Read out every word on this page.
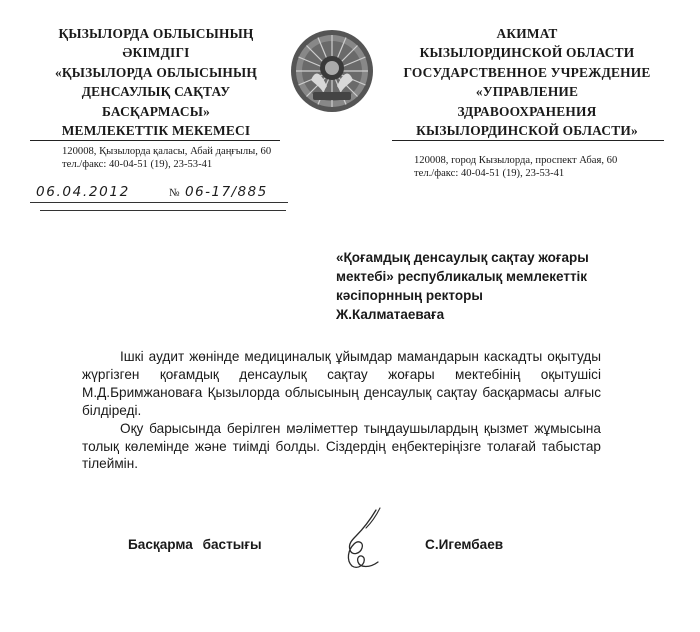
ҚЫЗЫЛОРДА ОБЛЫСЫНЫҢ
ӘКІМДІГІ
«ҚЫЗЫЛОРДА ОБЛЫСЫНЫҢ
ДЕНСАУЛЫҚ САҚТАУ
БАСҚАРМАСЫ»
МЕМЛЕКЕТТІК МЕКЕМЕСІ
АКИМАТ
КЫЗЫЛОРДИНСКОЙ ОБЛАСТИ
ГОСУДАРСТВЕННОЕ УЧРЕЖДЕНИЕ
«УПРАВЛЕНИЕ
ЗДРАВООХРАНЕНИЯ
КЫЗЫЛОРДИНСКОЙ ОБЛАСТИ»
120008, Қызылорда қаласы, Абай даңғылы, 60
тел./факс: 40-04-51 (19), 23-53-41	120008, город Кызылорда, проспект Абая, 60
тел./факс: 40-04-51 (19), 23-53-41
06.04.2012	№ 06-17/885
«Қоғамдық денсаулық сақтау жоғары
мектебі» республикалық мемлекеттік
кәсіпорнның ректоры
Ж.Калматаеваға

Ішкі аудит жөнінде медициналық ұйымдар мамандарын каскадты оқытуды жүргізген қоғамдық денсаулық сақтау жоғары мектебінің оқытушісі М.Д.Бримжановаға Қызылорда облысының денсаулық сақтау басқармасы алғыс білдіреді.

Оқу барысында берілген мәліметтер тыңдаушылардың қызмет жұмысына толық көлемінде және тиімді болды. Сіздердің еңбектеріңізге толағай табыстар тілеймін.

Басқарма бастығы	С.Игембаев
